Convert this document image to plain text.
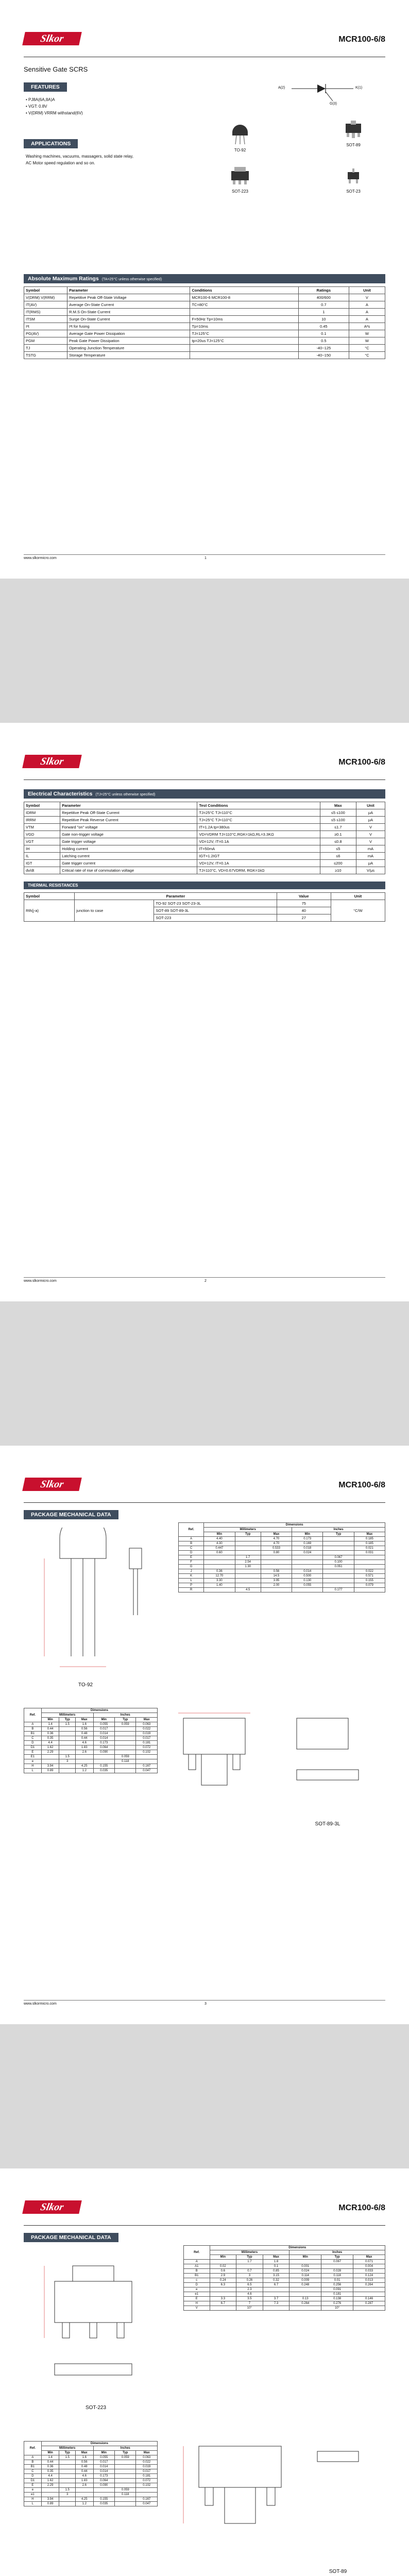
Slkor	MCR100-6/8
Sensitive Gate SCRS
FEATURES
• PJ8A(6A,8A)A
• VGT: 0.8V
• V(DRM) VRRM withstand(6V)
APPLICATIONS
Washing machines, vacuums, massagers, solid state relay,
AC Motor speed regulation and so on.
A(2)	K(1)
G(3)
TO-92
SOT-89
SOT-223	SOT-23
Absolute Maximum Ratings (TA=25°C unless otherwise specified)
Symbol	Parameter	Conditions	Ratings	Unit
V(DRM) V(RRM)	Repetitive Peak Off-State Voltage	MCR100-6 MCR100-8	400/600	V
IT(AV)	Average On-State Current	TC=80°C	0.7	A
IT(RMS)	R.M.S On-State Current		1	A
ITSM	Surge On-State Current	F=50Hz Tp=10ms	10	A
I²t	I²t for fusing	Tp=10ms	0.45	A²s
PG(AV)	Average Gate Power Dissipation	TJ=125°C	0.1	W
PGM	Peak Gate Power Dissipation	tp=20us TJ=125°C	0.5	W
TJ	Operating Junction Temperature		-40~125	°C
TSTG	Storage Temperature		-40~150	°C
www.slkormicro.com	1
Slkor	MCR100-6/8
Electrical Characteristics (TJ=25°C unless otherwise specified)
Symbol	Parameter	Test Conditions	Max	Unit
IDRM	Repetitive Peak Off-State Current	TJ=25°C TJ=110°C	≤5 ≤100	μA
IRRM	Repetitive Peak Reverse Current	TJ=25°C TJ=110°C	≤5 ≤100	μA
VTM	Forward "on" voltage	IT=1.2A tp=380us	≤1.7	V
VGD	Gate non-trigger voltage	VD=VDRM TJ=110°C,RGK=1kΩ,RL=3.3KΩ	≥0.1	V
VGT	Gate trigger voltage	VD=12V, IT=0.1A	≤0.8	V
IH	Holding current	IT=50mA	≤5	mA
IL	Latching current	IGT=1.2IGT	≤6	mA
IGT	Gate trigger current	VD=12V, IT=0.1A	≤200	μA
dv/dt	Critical rate of rise of commutation voltage	TJ=110°C, VD=0.67VDRM, RGK=1kΩ	≥10	V/μs
THERMAL RESISTANCES
Symbol	Parameter		Value	Unit
Rth(j-a)	junction to case	TO-92 SOT-23 SOT-23-3L	75	°C/W
		SOT-89 SOT-89-3L	40	
		SOT-223	27	
www.slkormicro.com	2
Slkor	MCR100-6/8
PACKAGE MECHANICAL DATA
TO-92
Ref.	Dimensions					
	Millimeters			Inches		
	Min	Typ	Max	Min	Typ	Max
A	4.40		4.70	0.173		0.185
B	4.30		4.70	0.169		0.185
C	0.447		0.533	0.018		0.021
D	0.60		0.80	0.024		0.031
E		1.7			0.067	
F		2.54			0.100	
G		1.30			0.051	
J	0.36		0.56	0.014		0.022
K	12.70		14.5	0.500		0.571
L	3.30		3.95	0.130		0.155
P	1.40		2.00	0.055		0.079
R		4.5			0.177	
Ref.	Dimensions					
	Millimeters			Inches		
	Min	Typ	Max	Min	Typ	Max
A	1.4	1.5	1.6	0.055	0.059	0.063
B	0.44		0.56	0.017		0.022
B1	0.36		0.48	0.014		0.019
C	0.35		0.44	0.014		0.017
D	4.4		4.6	0.173		0.181
D1	1.62		1.83	0.064		0.072
E	2.29		2.6	0.090		0.102
E1		1.5			0.059	
e		3			0.118	
H	3.94		4.25	0.155		0.167
L	0.89		1.2	0.035		0.047
SOT-89-3L
www.slkormicro.com	3
Slkor	MCR100-6/8
PACKAGE MECHANICAL DATA
SOT-223
Ref.	Dimensions					
	Millimeters			Inches		
	Min	Typ	Max	Min	Typ	Max
A		1.7	1.8		0.067	0.071
A1	0.02		0.1	0.001		0.004
B	0.6	0.7	0.85	0.024	0.028	0.033
B1	2.9	3	3.15	0.114	0.118	0.124
c	0.24	0.26	0.32	0.009	0.01	0.013
D	6.3	6.5	6.7	0.248	0.256	0.264
e		2.3			0.091	
e1		4.6			0.181	
E	3.3	3.5	3.7	0.13	0.138	0.146
H	6.7	7	7.3	0.264	0.276	0.287
V		10°			10°	
Ref.	Dimensions					
	Millimeters			Inches		
	Min	Typ	Max	Min	Typ	Max
A	1.4	1.5	1.6	0.055	0.059	0.063
B	0.44		0.56	0.017		0.022
B1	0.36		0.48	0.014		0.019
C	0.35		0.44	0.014		0.017
D	4.4		4.6	0.173		0.181
D1	1.62		1.83	0.064		0.072
E	2.29		2.6	0.090		0.102
e		1.5			0.059	
e1		3			0.118	
H	3.94		4.25	0.155		0.167
L	0.89		1.2	0.035		0.047
SOT-89
